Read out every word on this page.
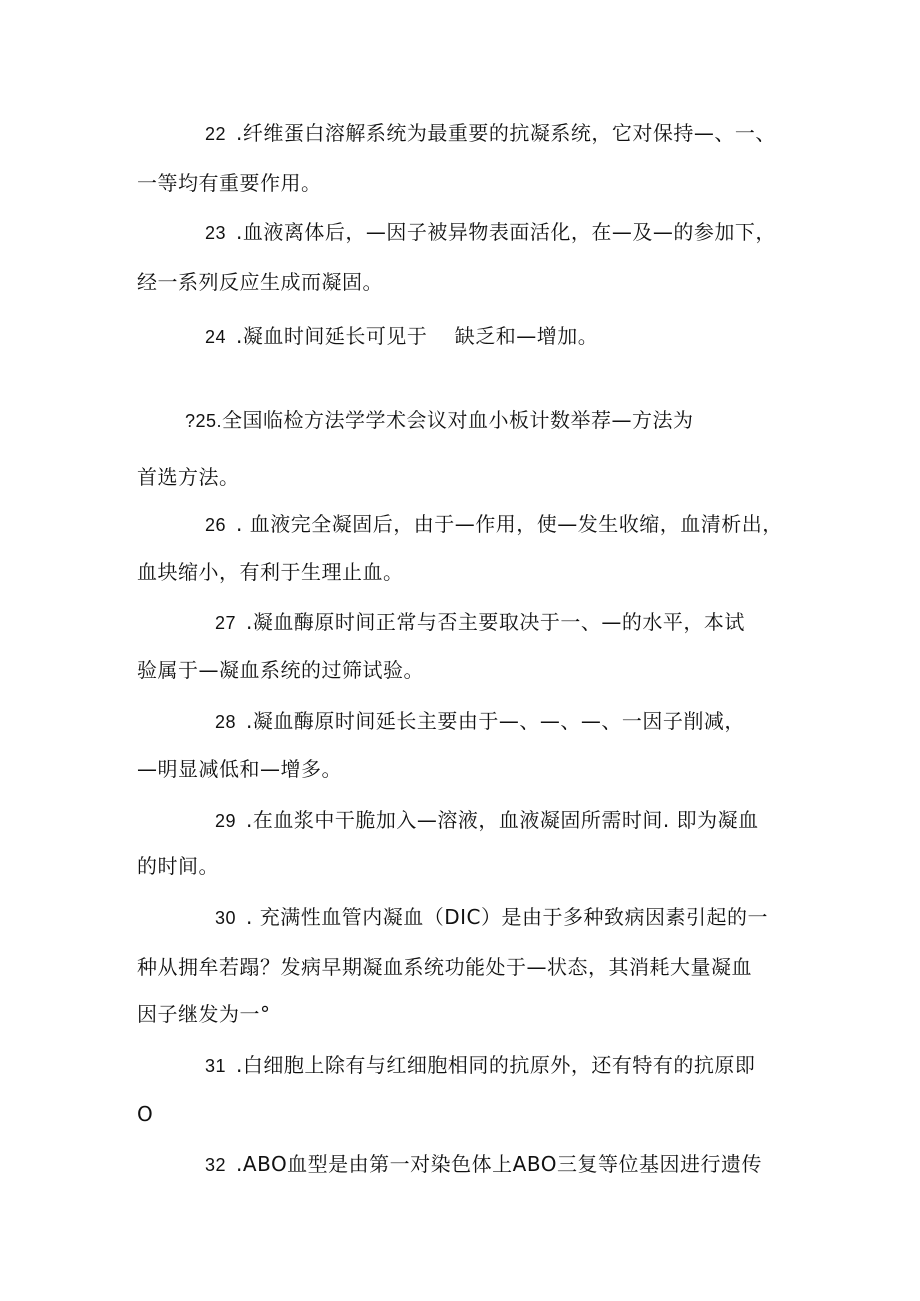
22 .纤维蛋白溶解系统为最重要的抗凝系统，它对保持—、一、
一等均有重要作用。
23 .血液离体后，—因子被异物表面活化，在—及—的参加下，
经一系列反应生成而凝固。
24 .凝血时间延长可见于　 缺乏和—增加。
?25.全国临检方法学学术会议对血小板计数举荐—方法为
首选方法。
26 . 血液完全凝固后，由于—作用，使—发生收缩，血清析出，
血块缩小，有利于生理止血。
27 .凝血酶原时间正常与否主要取决于一、—的水平，本试
验属于—凝血系统的过筛试验。
28 .凝血酶原时间延长主要由于—、—、—、一因子削减，
—明显减低和—增多。
29 .在血浆中干脆加入—溶液，血液凝固所需时间. 即为凝血
的时间。
30 . 充满性血管内凝血（DIC）是由于多种致病因素引起的一
种从拥牟若蹋？发病早期凝血系统功能处于—状态，其消耗大量凝血
因子继发为一°
31 .白细胞上除有与红细胞相同的抗原外，还有特有的抗原即
O
32 .ABO血型是由第一对染色体上ABO三复等位基因进行遗传
